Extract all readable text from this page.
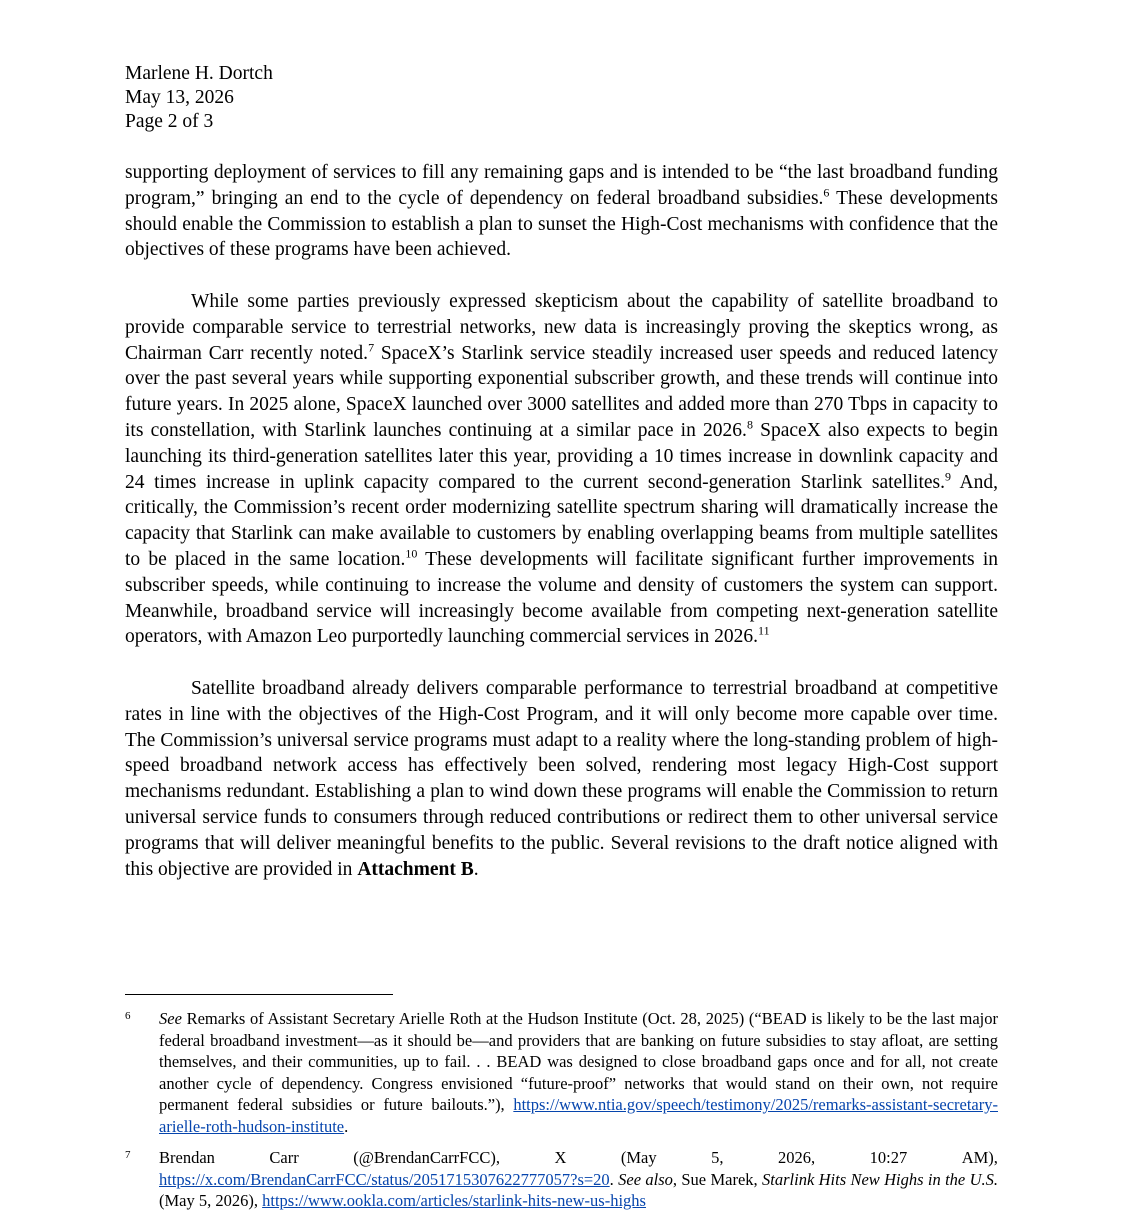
Marlene H. Dortch
May 13, 2026
Page 2 of 3

supporting deployment of services to fill any remaining gaps and is intended to be “the last broadband funding program,” bringing an end to the cycle of dependency on federal broadband subsidies.$^6$ These developments should enable the Commission to establish a plan to sunset the High-Cost mechanisms with confidence that the objectives of these programs have been achieved.

While some parties previously expressed skepticism about the capability of satellite broadband to provide comparable service to terrestrial networks, new data is increasingly proving the skeptics wrong, as Chairman Carr recently noted.$^7$ SpaceX’s Starlink service steadily increased user speeds and reduced latency over the past several years while supporting exponential subscriber growth, and these trends will continue into future years. In 2025 alone, SpaceX launched over 3000 satellites and added more than 270 Tbps in capacity to its constellation, with Starlink launches continuing at a similar pace in 2026.$^8$ SpaceX also expects to begin launching its third-generation satellites later this year, providing a 10 times increase in downlink capacity and 24 times increase in uplink capacity compared to the current second-generation Starlink satellites.$^9$ And, critically, the Commission’s recent order modernizing satellite spectrum sharing will dramatically increase the capacity that Starlink can make available to customers by enabling overlapping beams from multiple satellites to be placed in the same location.$^{10}$ These developments will facilitate significant further improvements in subscriber speeds, while continuing to increase the volume and density of customers the system can support. Meanwhile, broadband service will increasingly become available from competing next-generation satellite operators, with Amazon Leo purportedly launching commercial services in 2026.11

Satellite broadband already delivers comparable performance to terrestrial broadband at competitive rates in line with the objectives of the High-Cost Program, and it will only become more capable over time. The Commission’s universal service programs must adapt to a reality where the long-standing problem of high-speed broadband network access has effectively been solved, rendering most legacy High-Cost support mechanisms redundant. Establishing a plan to wind down these programs will enable the Commission to return universal service funds to consumers through reduced contributions or redirect them to other universal service programs that will deliver meaningful benefits to the public. Several revisions to the draft notice aligned with this objective are provided in Attachment B.

6	See Remarks of Assistant Secretary Arielle Roth at the Hudson Institute (Oct. 28, 2025) (“BEAD is likely to be the last major federal broadband investment—as it should be—and providers that are banking on future subsidies to stay afloat, are setting themselves, and their communities, up to fail. . . BEAD was designed to close broadband gaps once and for all, not create another cycle of dependency. Congress envisioned “future-proof” networks that would stand on their own, not require permanent federal subsidies or future bailouts.”), https://www.ntia.gov/speech/testimony/2025/remarks-assistant-secretary-arielle-roth-hudson-institute.
7	Brendan	Carr	(@BrendanCarrFCC),	X	(May	5,	2026,	10:27	AM),
https://x.com/BrendanCarrFCC/status/2051715307622777057?s=20. See also, Sue Marek, Starlink Hits New Highs in the U.S. (May 5, 2026), https://www.ookla.com/articles/starlink-hits-new-us-highs
